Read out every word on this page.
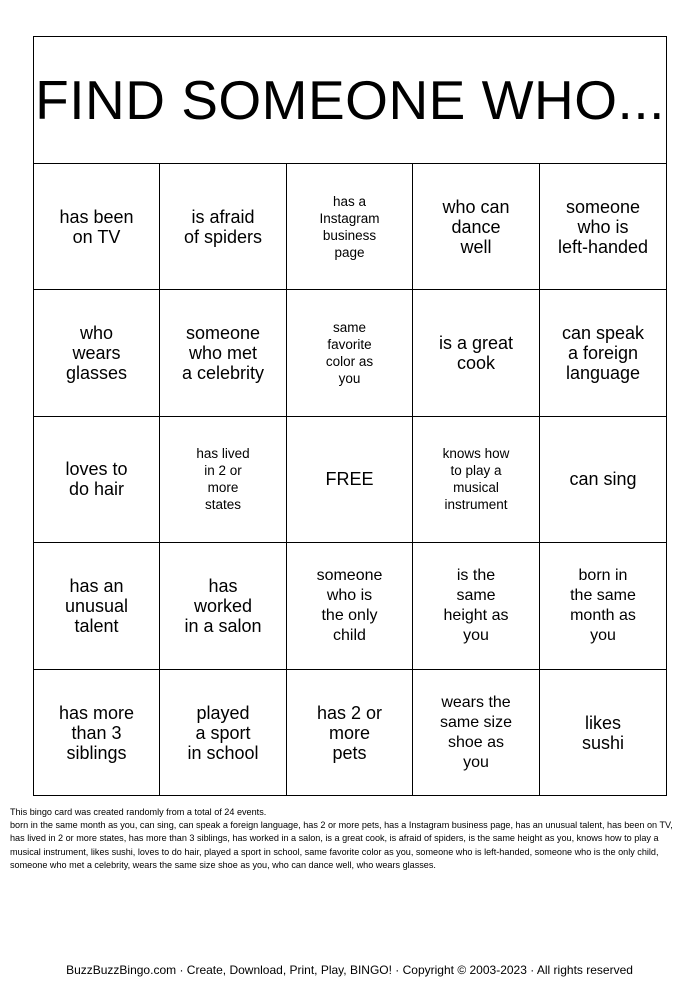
FIND SOMEONE WHO...
has been
on TV
is afraid
of spiders
has a
Instagram
business
page
who can
dance
well
someone
who is
left-handed
who
wears
glasses
someone
who met
a celebrity
same
favorite
color as
you
is a great
cook
can speak
a foreign
language
loves to
do hair
has lived
in 2 or
more
states
FREE
knows how
to play a
musical
instrument
can sing
has an
unusual
talent
has
worked
in a salon
someone
who is
the only
child
is the
same
height as
you
born in
the same
month as
you
has more
than 3
siblings
played
a sport
in school
has 2 or
more
pets
wears the
same size
shoe as
you
likes
sushi
This bingo card was created randomly from a total of 24 events.
born in the same month as you, can sing, can speak a foreign language, has 2 or more pets, has a Instagram business page, has an unusual talent, has been on TV, has lived in 2 or more states, has more than 3 siblings, has worked in a salon, is a great cook, is afraid of spiders, is the same height as you, knows how to play a musical instrument, likes sushi, loves to do hair, played a sport in school, same favorite color as you, someone who is left-handed, someone who is the only child, someone who met a celebrity, wears the same size shoe as you, who can dance well, who wears glasses.
BuzzBuzzBingo.com · Create, Download, Print, Play, BINGO! · Copyright © 2003-2023 · All rights reserved
